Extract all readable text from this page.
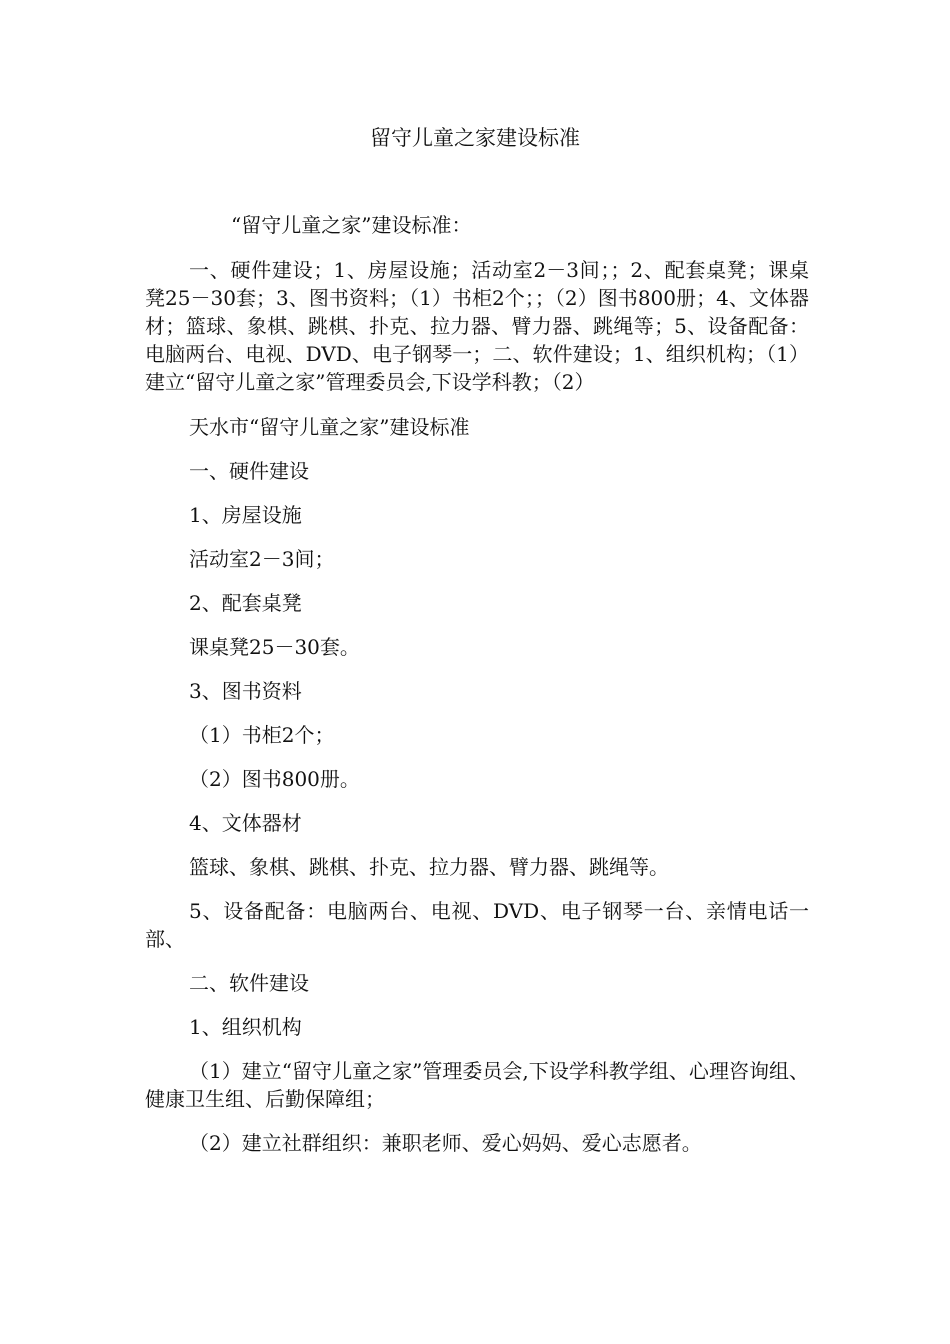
留守儿童之家建设标准

“留守儿童之家”建设标准：

一、硬件建设；1、房屋设施；活动室2－3间；；2、配套桌凳；课桌凳25－30套；3、图书资料；（1）书柜2个；；（2）图书800册；4、文体器材；篮球、象棋、跳棋、扑克、拉力器、臂力器、跳绳等；5、设备配备：电脑两台、电视、DVD、电子钢琴一；二、软件建设；1、组织机构；（1）建立“留守儿童之家”管理委员会,下设学科教；（2）

天水市“留守儿童之家”建设标准

一、硬件建设

1、房屋设施

活动室2－3间；

2、配套桌凳

课桌凳25－30套。

3、图书资料

（1）书柜2个；

（2）图书800册。

4、文体器材

篮球、象棋、跳棋、扑克、拉力器、臂力器、跳绳等。

5、设备配备：电脑两台、电视、DVD、电子钢琴一台、亲情电话一部、

二、软件建设

1、组织机构

（1）建立“留守儿童之家”管理委员会,下设学科教学组、心理咨询组、健康卫生组、后勤保障组；

（2）建立社群组织：兼职老师、爱心妈妈、爱心志愿者。
